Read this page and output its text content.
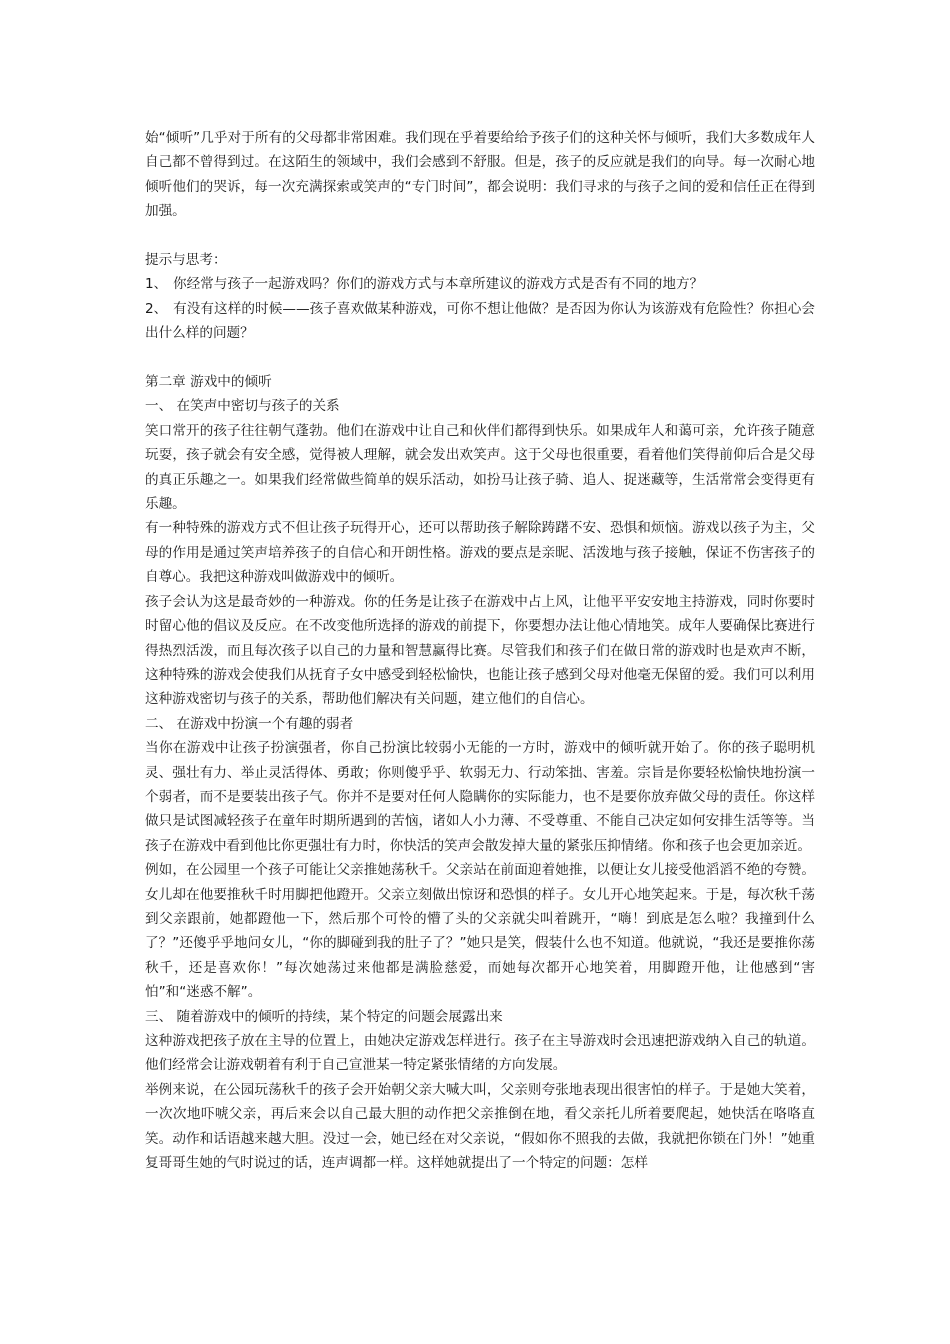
始“倾听”几乎对于所有的父母都非常困难。我们现在乎着要给给予孩子们的这种关怀与倾听，我们大多数成年人自己都不曾得到过。在这陌生的领域中，我们会感到不舒服。但是，孩子的反应就是我们的向导。每一次耐心地倾听他们的哭诉，每一次充满探索或笑声的“专门时间”，都会说明：我们寻求的与孩子之间的爱和信任正在得到加强。

提示与思考：

1、 你经常与孩子一起游戏吗？你们的游戏方式与本章所建议的游戏方式是否有不同的地方？

2、 有没有这样的时候——孩子喜欢做某种游戏，可你不想让他做？是否因为你认为该游戏有危险性？你担心会出什么样的问题？

第二章 游戏中的倾听

一、 在笑声中密切与孩子的关系

笑口常开的孩子往往朝气蓬勃。他们在游戏中让自己和伙伴们都得到快乐。如果成年人和蔼可亲，允许孩子随意玩耍，孩子就会有安全感，觉得被人理解，就会发出欢笑声。这于父母也很重要，看着他们笑得前仰后合是父母的真正乐趣之一。如果我们经常做些简单的娱乐活动，如扮马让孩子骑、追人、捉迷藏等，生活常常会变得更有乐趣。

有一种特殊的游戏方式不但让孩子玩得开心，还可以帮助孩子解除踌躇不安、恐惧和烦恼。游戏以孩子为主，父母的作用是通过笑声培养孩子的自信心和开朗性格。游戏的要点是亲昵、活泼地与孩子接触，保证不伤害孩子的自尊心。我把这种游戏叫做游戏中的倾听。

孩子会认为这是最奇妙的一种游戏。你的任务是让孩子在游戏中占上风，让他平平安安地主持游戏，同时你要时时留心他的倡议及反应。在不改变他所选择的游戏的前提下，你要想办法让他心情地笑。成年人要确保比赛进行得热烈活泼，而且每次孩子以自己的力量和智慧赢得比赛。尽管我们和孩子们在做日常的游戏时也是欢声不断，这种特殊的游戏会使我们从抚育子女中感受到轻松愉快，也能让孩子感到父母对他毫无保留的爱。我们可以利用这种游戏密切与孩子的关系，帮助他们解决有关问题，建立他们的自信心。

二、 在游戏中扮演一个有趣的弱者

当你在游戏中让孩子扮演强者，你自己扮演比较弱小无能的一方时，游戏中的倾听就开始了。你的孩子聪明机灵、强壮有力、举止灵活得体、勇敢；你则傻乎乎、软弱无力、行动笨拙、害羞。宗旨是你要轻松愉快地扮演一个弱者，而不是要装出孩子气。你并不是要对任何人隐瞒你的实际能力，也不是要你放弃做父母的责任。你这样做只是试图减轻孩子在童年时期所遇到的苦恼，诸如人小力薄、不受尊重、不能自己决定如何安排生活等等。当孩子在游戏中看到他比你更强壮有力时，你快活的笑声会散发掉大量的紧张压抑情绪。你和孩子也会更加亲近。

例如，在公园里一个孩子可能让父亲推她荡秋千。父亲站在前面迎着她推，以便让女儿接受他滔滔不绝的夸赞。女儿却在他要推秋千时用脚把他蹬开。父亲立刻做出惊讶和恐惧的样子。女儿开心地笑起来。于是，每次秋千荡到父亲跟前，她都蹬他一下，然后那个可怜的懵了头的父亲就尖叫着跳开，“嗨！到底是怎么啦？我撞到什么了？”还傻乎乎地问女儿，“你的脚碰到我的肚子了？”她只是笑，假装什么也不知道。他就说，“我还是要推你荡秋千，还是喜欢你！”每次她荡过来他都是满脸慈爱，而她每次都开心地笑着，用脚蹬开他，让他感到“害怕”和“迷惑不解”。

三、 随着游戏中的倾听的持续，某个特定的问题会展露出来

这种游戏把孩子放在主导的位置上，由她决定游戏怎样进行。孩子在主导游戏时会迅速把游戏纳入自己的轨道。他们经常会让游戏朝着有利于自己宣泄某一特定紧张情绪的方向发展。

举例来说，在公园玩荡秋千的孩子会开始朝父亲大喊大叫，父亲则夸张地表现出很害怕的样子。于是她大笑着，一次次地吓唬父亲，再后来会以自己最大胆的动作把父亲推倒在地，看父亲托儿所着要爬起，她快活在咯咯直笑。动作和话语越来越大胆。没过一会，她已经在对父亲说，“假如你不照我的去做，我就把你锁在门外！”她重复哥哥生她的气时说过的话，连声调都一样。这样她就提出了一个特定的问题：怎样
